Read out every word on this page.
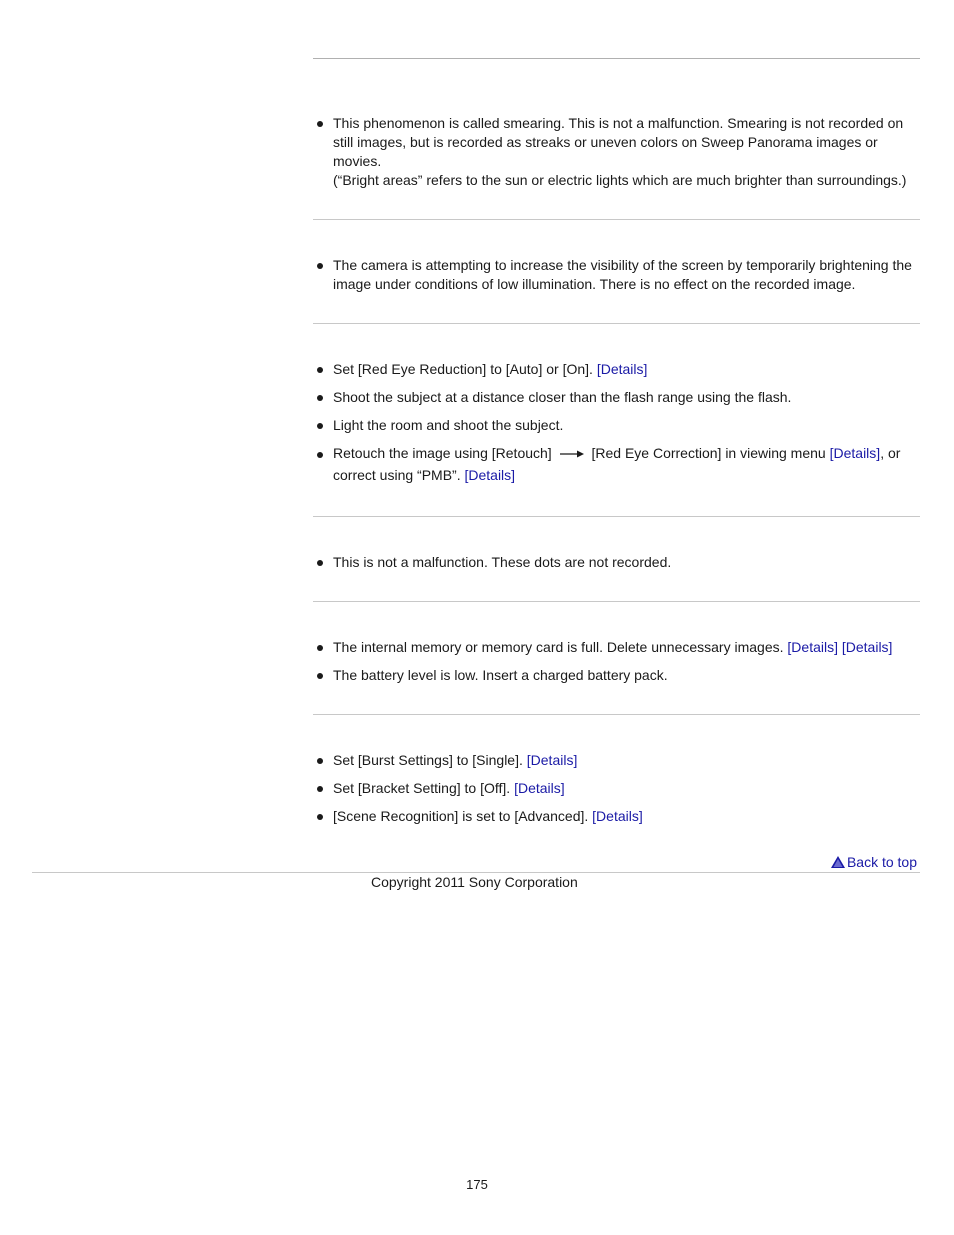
This phenomenon is called smearing. This is not a malfunction. Smearing is not recorded on
still images, but is recorded as streaks or uneven colors on Sweep Panorama images or
movies.
(“Bright areas” refers to the sun or electric lights which are much brighter than surroundings.)
The camera is attempting to increase the visibility of the screen by temporarily brightening the
image under conditions of low illumination. There is no effect on the recorded image.
Set [Red Eye Reduction] to [Auto] or [On]. [Details]
Shoot the subject at a distance closer than the flash range using the flash.
Light the room and shoot the subject.
Retouch the image using [Retouch]	[Red Eye Correction] in viewing menu [Details], or
correct using “PMB”. [Details]
This is not a malfunction. These dots are not recorded.
The internal memory or memory card is full. Delete unnecessary images. [Details] [Details]
The battery level is low. Insert a charged battery pack.
Set [Burst Settings] to [Single]. [Details]
Set [Bracket Setting] to [Off]. [Details]
[Scene Recognition] is set to [Advanced]. [Details]
Back to top
Copyright 2011 Sony Corporation
175
